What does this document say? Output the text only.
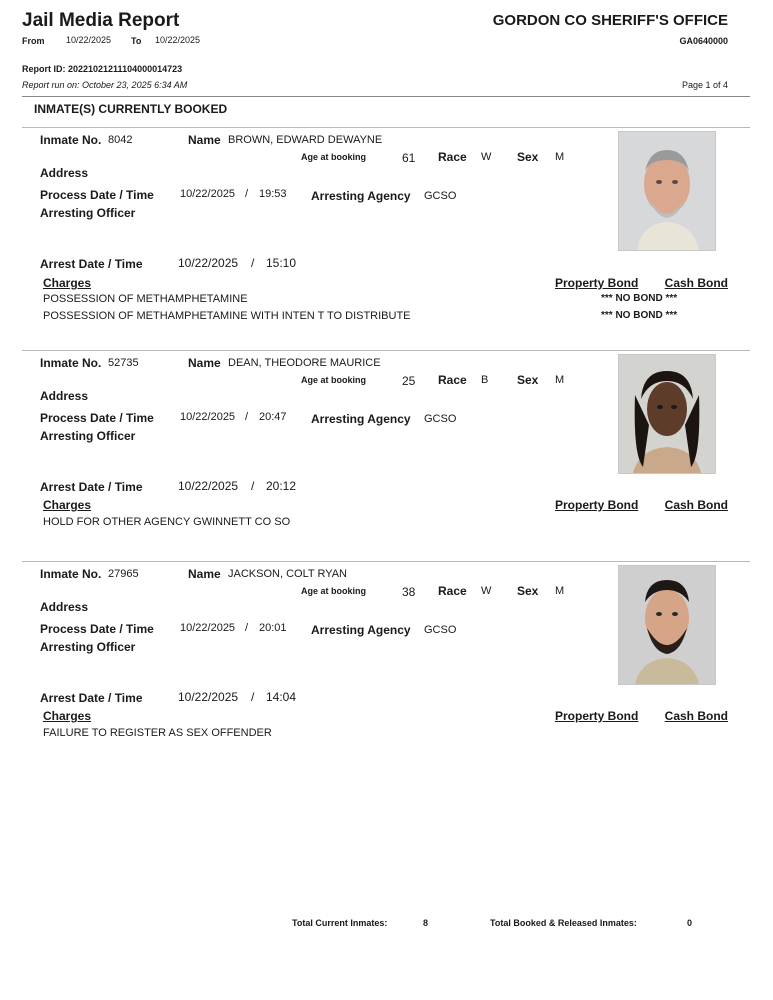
Jail Media Report	GORDON CO SHERIFF'S OFFICE
GA0640000
From 10/22/2025 To 10/22/2025
Report ID: 20221021211104000014723
Report run on: October 23, 2025 6:34 AM	Page 1 of 4
INMATE(S) CURRENTLY BOOKED
Inmate No. 8042	Name BROWN, EDWARD DEWAYNE
Age at booking	61 Race W Sex M
Address
Process Date / Time 10/22/2025 / 19:53 Arresting Agency GCSO
Arresting Officer
Arrest Date / Time	10/22/2025 / 15:10
Charges	Property Bond Cash Bond
POSSESSION OF METHAMPHETAMINE	*** NO BOND ***
POSSESSION OF METHAMPHETAMINE WITH INTEN T TO DISTRIBUTE	*** NO BOND ***
Inmate No. 52735	Name DEAN, THEODORE MAURICE
Age at booking	25 Race B Sex M
Address
Process Date / Time 10/22/2025 / 20:47 Arresting Agency GCSO
Arresting Officer
Arrest Date / Time	10/22/2025 / 20:12
Charges	Property Bond Cash Bond
HOLD FOR OTHER AGENCY GWINNETT CO SO
Inmate No. 27965	Name JACKSON, COLT RYAN
Age at booking	38 Race W Sex M
Address
Process Date / Time 10/22/2025 / 20:01 Arresting Agency GCSO
Arresting Officer
Arrest Date / Time	10/22/2025 / 14:04
Charges	Property Bond Cash Bond
FAILURE TO REGISTER AS SEX OFFENDER
Total Current Inmates:	8	Total Booked & Released Inmates:	0
